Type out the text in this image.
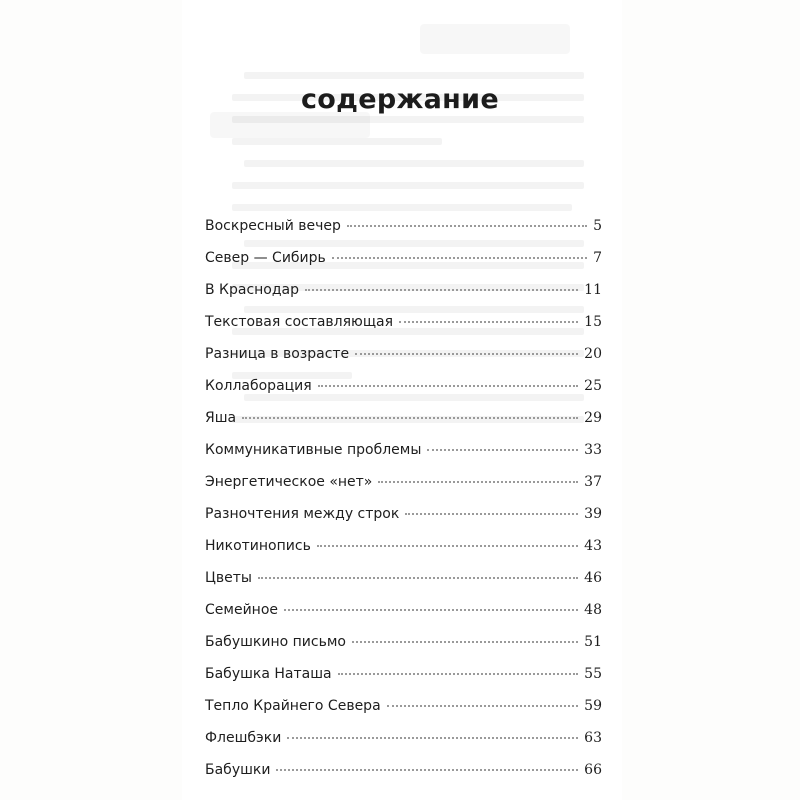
содержание
Воскресный вечер	5
Север — Сибирь	7
В Краснодар	11
Текстовая составляющая	15
Разница в возрасте	20
Коллаборация	25
Яша	29
Коммуникативные проблемы	33
Энергетическое «нет»	37
Разночтения между строк	39
Никотинопись	43
Цветы	46
Семейное	48
Бабушкино письмо	51
Бабушка Наташа	55
Тепло Крайнего Севера	59
Флешбэки	63
Бабушки	66
